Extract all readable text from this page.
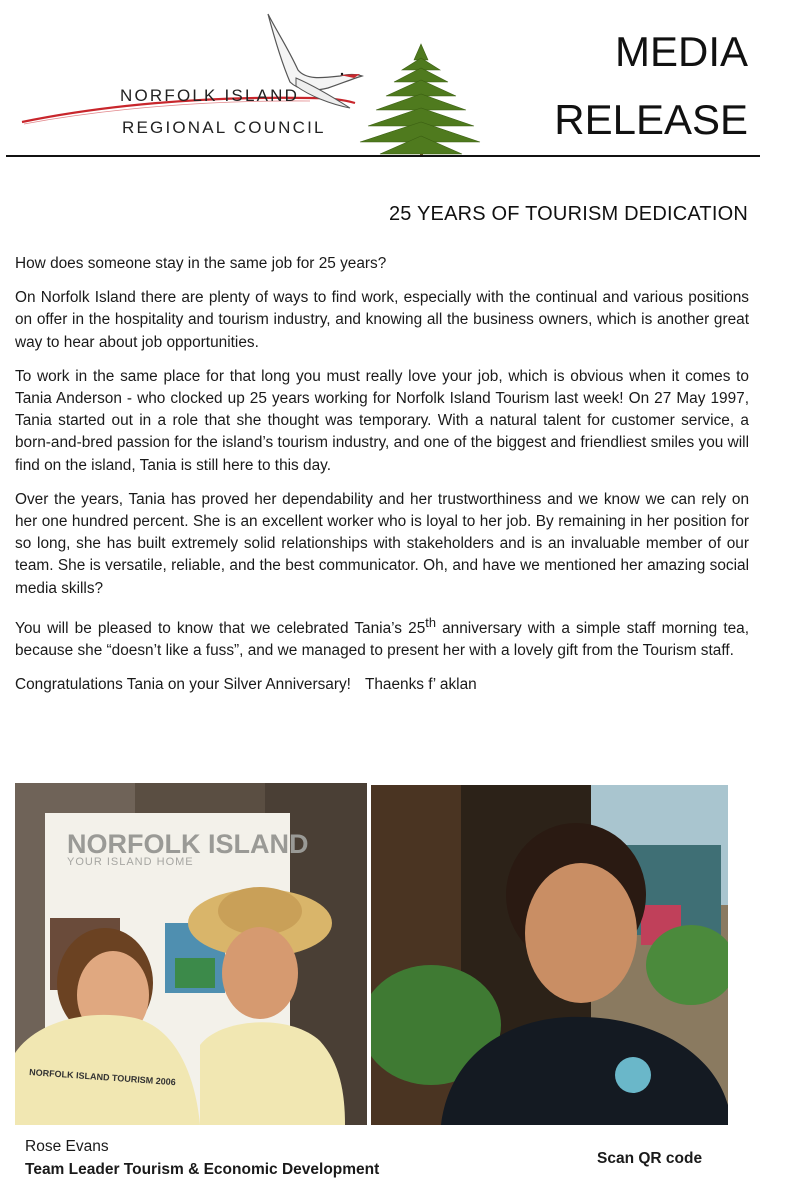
NORFOLK ISLAND
REGIONAL COUNCIL
MEDIA
RELEASE
25 YEARS OF TOURISM DEDICATION

How does someone stay in the same job for 25 years?

On Norfolk Island there are plenty of ways to find work, especially with the continual and various positions on offer in the hospitality and tourism industry, and knowing all the business owners, which is another great way to hear about job opportunities.

To work in the same place for that long you must really love your job, which is obvious when it comes to Tania Anderson - who clocked up 25 years working for Norfolk Island Tourism last week! On 27 May 1997, Tania started out in a role that she thought was temporary. With a natural talent for customer service, a born-and-bred passion for the island’s tourism industry, and one of the biggest and friendliest smiles you will find on the island, Tania is still here to this day.

Over the years, Tania has proved her dependability and her trustworthiness and we know we can rely on her one hundred percent. She is an excellent worker who is loyal to her job. By remaining in her position for so long, she has built extremely solid relationships with stakeholders and is an invaluable member of our team. She is versatile, reliable, and the best communicator. Oh, and have we mentioned her amazing social media skills?

You will be pleased to know that we celebrated Tania’s 25th anniversary with a simple staff morning tea, because she “doesn’t like a fuss”, and we managed to present her with a lovely gift from the Tourism staff.

Congratulations Tania on your Silver Anniversary! Thaenks f’ aklan

NORFOLK ISLAND
YOUR ISLAND HOME
NORFOLK ISLAND TOURISM 2006
Rose Evans
Team Leader Tourism & Economic Development
Scan QR code
